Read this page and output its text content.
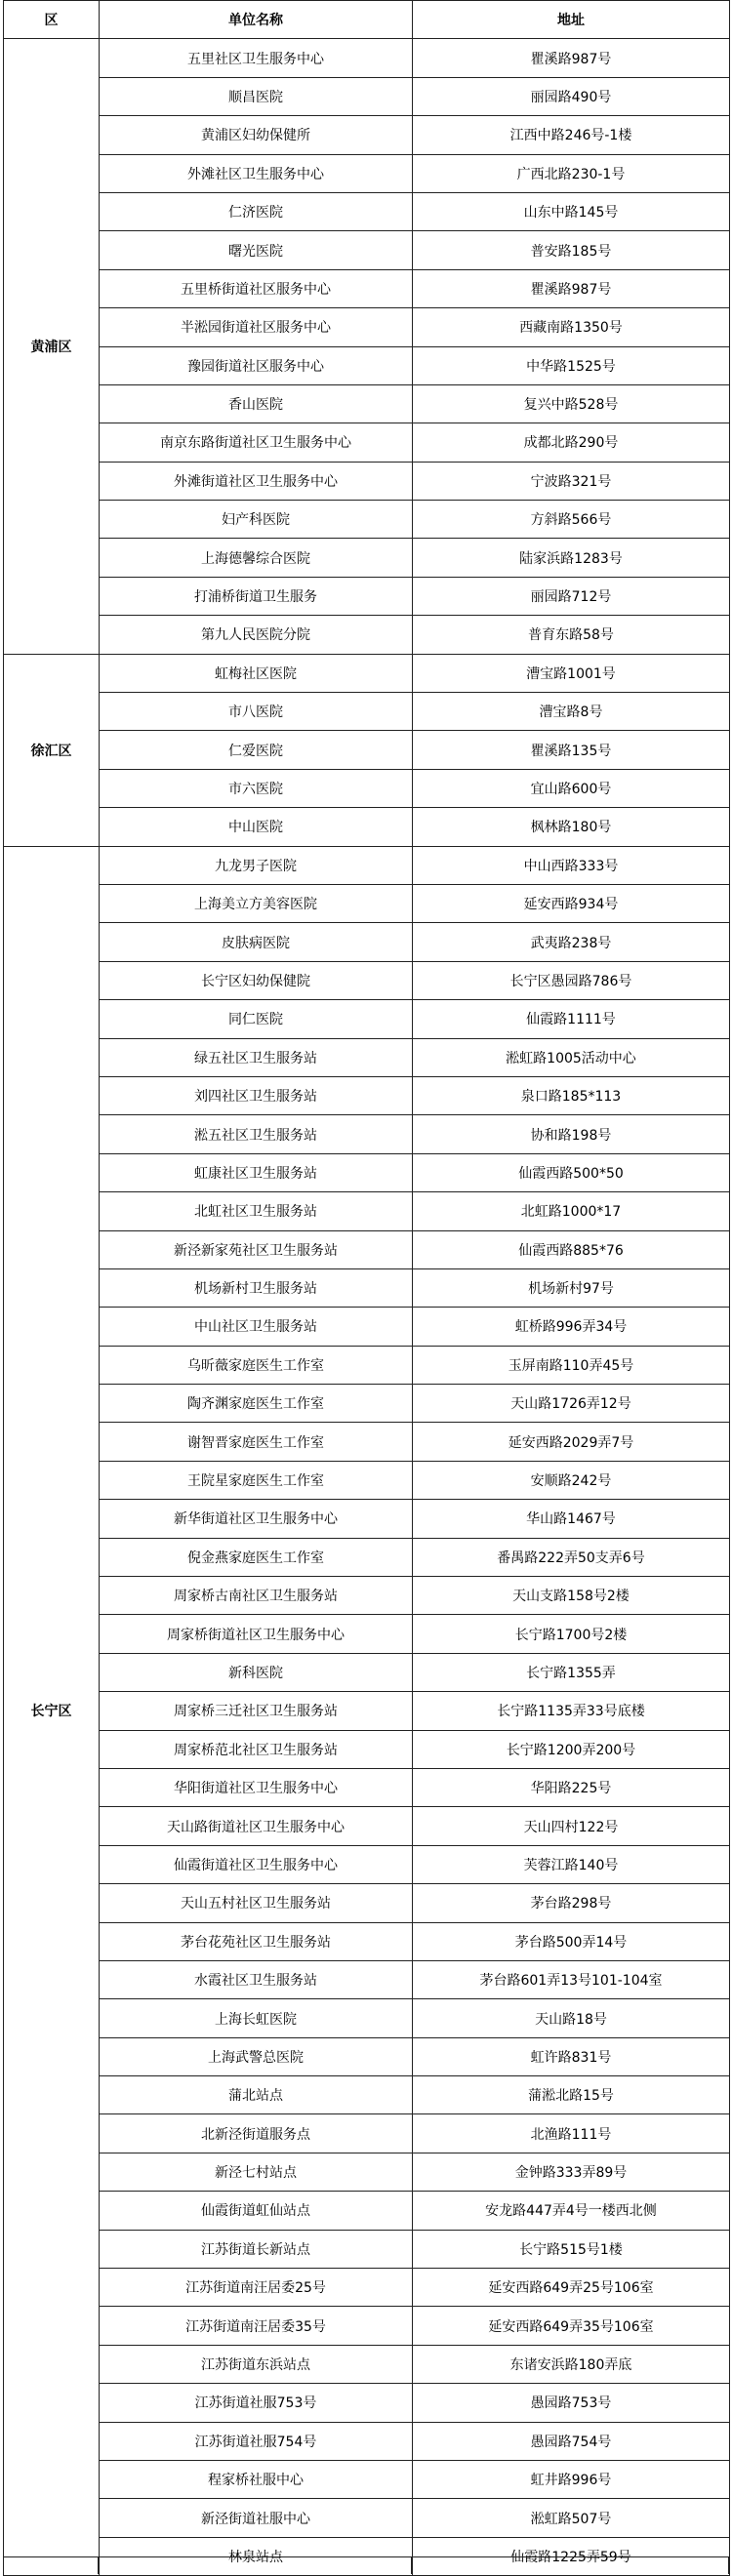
区	单位名称	地址
黄浦区	五里社区卫生服务中心	瞿溪路987号
	顺昌医院	丽园路490号
	黄浦区妇幼保健所	江西中路246号-1楼
	外滩社区卫生服务中心	广西北路230-1号
	仁济医院	山东中路145号
	曙光医院	普安路185号
	五里桥街道社区服务中心	瞿溪路987号
	半淞园街道社区服务中心	西藏南路1350号
	豫园街道社区服务中心	中华路1525号
	香山医院	复兴中路528号
	南京东路街道社区卫生服务中心	成都北路290号
	外滩街道社区卫生服务中心	宁波路321号
	妇产科医院	方斜路566号
	上海德馨综合医院	陆家浜路1283号
	打浦桥街道卫生服务	丽园路712号
	第九人民医院分院	普育东路58号
徐汇区	虹梅社区医院	漕宝路1001号
	市八医院	漕宝路8号
	仁爱医院	瞿溪路135号
	市六医院	宜山路600号
	中山医院	枫林路180号
长宁区	九龙男子医院	中山西路333号
	上海美立方美容医院	延安西路934号
	皮肤病医院	武夷路238号
	长宁区妇幼保健院	长宁区愚园路786号
	同仁医院	仙霞路1111号
	绿五社区卫生服务站	淞虹路1005活动中心
	刘四社区卫生服务站	泉口路185*113
	淞五社区卫生服务站	协和路198号
	虹康社区卫生服务站	仙霞西路500*50
	北虹社区卫生服务站	北虹路1000*17
	新泾新家苑社区卫生服务站	仙霞西路885*76
	机场新村卫生服务站	机场新村97号
	中山社区卫生服务站	虹桥路996弄34号
	乌昕薇家庭医生工作室	玉屏南路110弄45号
	陶齐渊家庭医生工作室	天山路1726弄12号
	谢智晋家庭医生工作室	延安西路2029弄7号
	王院星家庭医生工作室	安顺路242号
	新华街道社区卫生服务中心	华山路1467号
	倪金燕家庭医生工作室	番禺路222弄50支弄6号
	周家桥古南社区卫生服务站	天山支路158号2楼
	周家桥街道社区卫生服务中心	长宁路1700号2楼
	新科医院	长宁路1355弄
	周家桥三迁社区卫生服务站	长宁路1135弄33号底楼
	周家桥范北社区卫生服务站	长宁路1200弄200号
	华阳街道社区卫生服务中心	华阳路225号
	天山路街道社区卫生服务中心	天山四村122号
	仙霞街道社区卫生服务中心	芙蓉江路140号
	天山五村社区卫生服务站	茅台路298号
	茅台花苑社区卫生服务站	茅台路500弄14号
	水霞社区卫生服务站	茅台路601弄13号101-104室
	上海长虹医院	天山路18号
	上海武警总医院	虹许路831号
	蒲北站点	蒲淞北路15号
	北新泾街道服务点	北渔路111号
	新泾七村站点	金钟路333弄89号
	仙霞街道虹仙站点	安龙路447弄4号一楼西北侧
	江苏街道长新站点	长宁路515号1楼
	江苏街道南汪居委25号	延安西路649弄25号106室
	江苏街道南汪居委35号	延安西路649弄35号106室
	江苏街道东浜站点	东诸安浜路180弄底
	江苏街道社服753号	愚园路753号
	江苏街道社服754号	愚园路754号
	程家桥社服中心	虹井路996号
	新泾街道社服中心	淞虹路507号
	林泉站点	仙霞路1225弄59号
